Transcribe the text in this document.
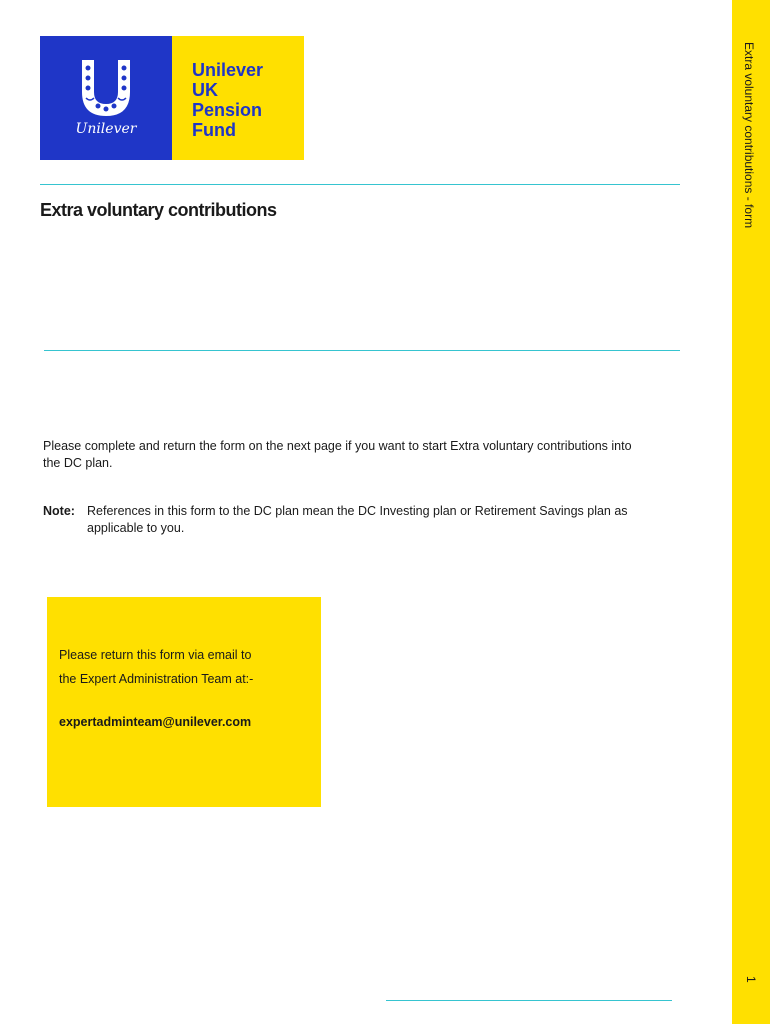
Unilever
Unilever
UK
Pension
Fund
Extra voluntary contributions
Please complete and return the form on the next page if you want to start Extra voluntary contributions into the DC plan.
Note: References in this form to the DC plan mean the DC Investing plan or Retirement Savings plan as applicable to you.
Please return this form via email to
the Expert Administration Team at:-
expertadminteam@unilever.com
Extra voluntary contributions - form
1
